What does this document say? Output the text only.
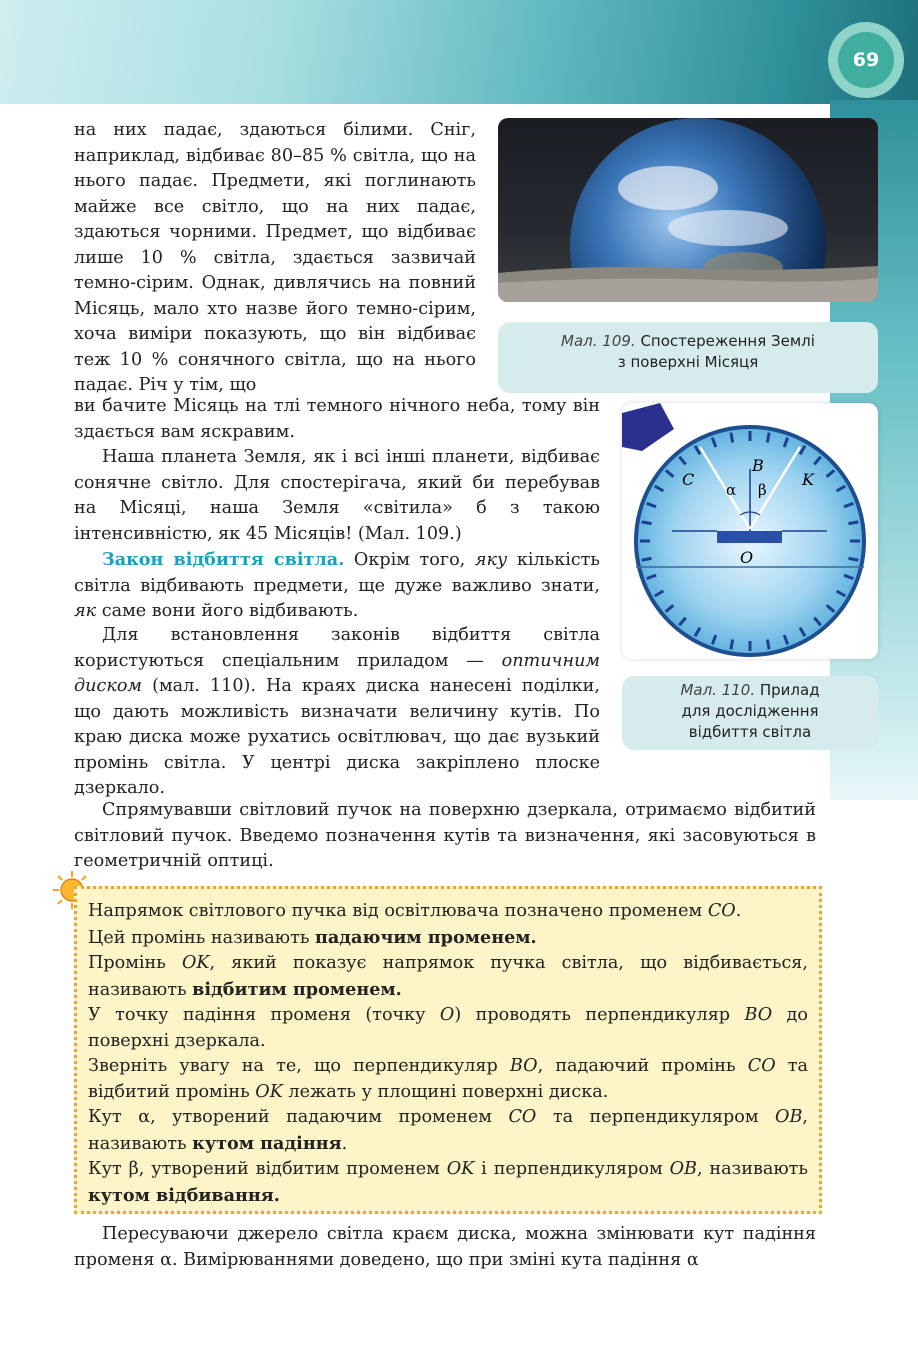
69
Мал. 109. Спостереження Землі
з поверхні Місяця
B
C	K
O
α β
Мал. 110. Прилад
для дослідження
відбиття світла
на них падає, здаються білими. Сніг, наприклад, відбиває 80–85 % світла, що на нього падає. Предмети, які поглинають майже все світло, що на них падає, здаються чорними. Предмет, що відбиває лише 10 % світла, здається зазвичай темно-сірим. Однак, дивлячись на повний Місяць, мало хто назве його темно-сірим, хоча виміри показують, що він відбиває теж 10 % сонячного світла, що на нього падає. Річ у тім, що
ви бачите Місяць на тлі темного нічного неба, тому він здається вам яскравим.
Наша планета Земля, як і всі інші планети, відбиває сонячне світло. Для спостерігача, який би перебував на Місяці, наша Земля «світила» б з такою інтенсивністю, як 45 Місяців! (Мал. 109.)
Закон відбиття світла. Окрім того, яку кількість світла відбивають предмети, ще дуже важливо знати, як саме вони його відбивають.
Для встановлення законів відбиття світла користуються спеціальним приладом — оптичним диском (мал. 110). На краях диска нанесені поділки, що дають можливість визначати величину кутів. По краю диска може рухатись освітлювач, що дає вузький промінь світла. У центрі диска закріплено плоске дзеркало.
Спрямувавши світловий пучок на поверхню дзеркала, отримаємо відбитий світловий пучок. Введемо позначення кутів та визначення, які засовуються в геометричній оптиці.
Напрямок світлового пучка від освітлювача позначено променем CO.
Цей промінь називають падаючим променем.
Промінь OK, який показує напрямок пучка світла, що відбивається, називають відбитим променем.
У точку падіння променя (точку O) проводять перпендикуляр BO до поверхні дзеркала.
Зверніть увагу на те, що перпендикуляр BO, падаючий промінь CO та відбитий промінь OK лежать у площині поверхні диска.
Кут α, утворений падаючим променем CO та перпендикуляром OB, називають кутом падіння.
Кут β, утворений відбитим променем OK і перпендикуляром OB, називають кутом відбивання.
Пересуваючи джерело світла краєм диска, можна змінювати кут падіння променя α. Вимірюваннями доведено, що при зміні кута падіння α
